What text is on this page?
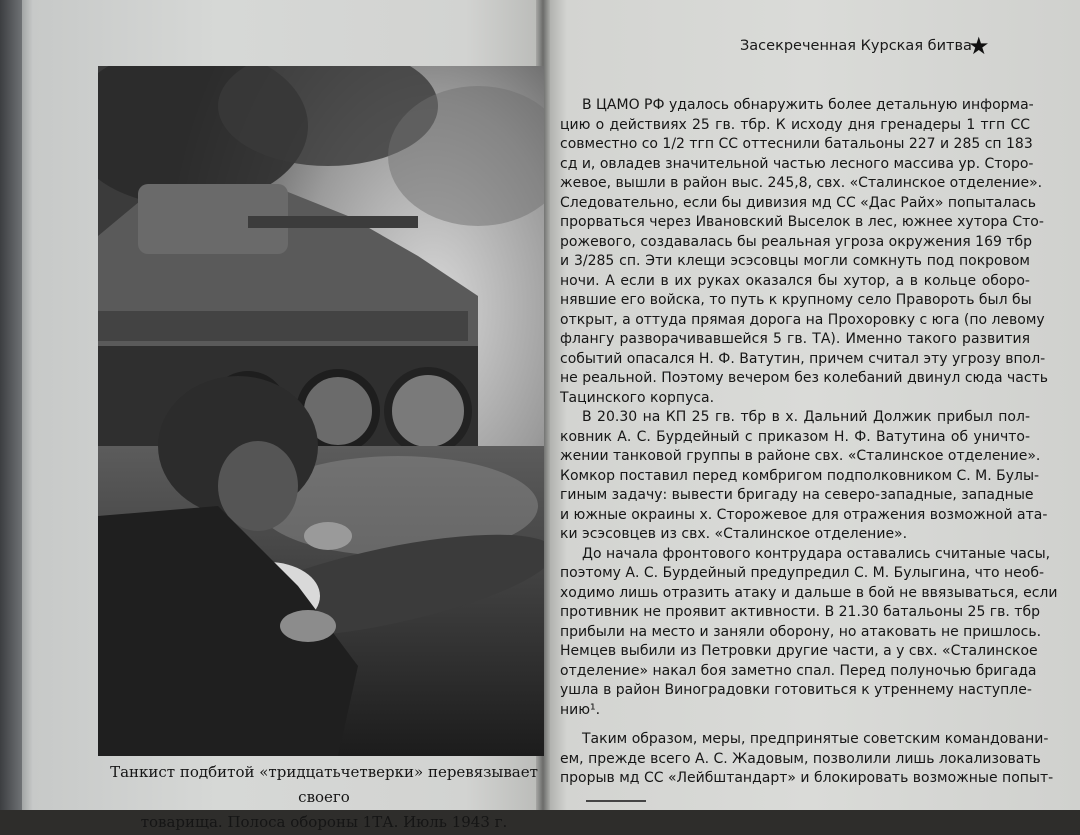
Танкист подбитой «тридцатьчетверки» перевязывает своего
товарища. Полоса обороны 1ТА. Июль 1943 г.
Засекреченная Курская битва
★
В ЦАМО РФ удалось обнаружить более детальную информа-
цию о действиях 25 гв. тбр. К исходу дня гренадеры 1 тгп СС
совместно со 1/2 тгп СС оттеснили батальоны 227 и 285 сп 183
сд и, овладев значительной частью лесного массива ур. Сторо-
жевое, вышли в район выс. 245,8, свх. «Сталинское отделение».
Следовательно, если бы дивизия мд СС «Дас Райх» попыталась
прорваться через Ивановский Выселок в лес, южнее хутора Сто-
рожевого, создавалась бы реальная угроза окружения 169 тбр
и 3/285 сп. Эти клещи эсэсовцы могли сомкнуть под покровом
ночи. А если в их руках оказался бы хутор, а в кольце оборо-
нявшие его войска, то путь к крупному село Правороть был бы
открыт, а оттуда прямая дорога на Прохоровку с юга (по левому
флангу разворачивавшейся 5 гв. ТА). Именно такого развития
событий опасался Н. Ф. Ватутин, причем считал эту угрозу впол-
не реальной. Поэтому вечером без колебаний двинул сюда часть
Тацинского корпуса.
В 20.30 на КП 25 гв. тбр в х. Дальний Должик прибыл пол-
ковник А. С. Бурдейный с приказом Н. Ф. Ватутина об уничто-
жении танковой группы в районе свх. «Сталинское отделение».
Комкор поставил перед комбригом подполковником С. М. Булы-
гиным задачу: вывести бригаду на северо-западные, западные
и южные окраины х. Сторожевое для отражения возможной ата-
ки эсэсовцев из свх. «Сталинское отделение».
До начала фронтового контрудара оставались считаные часы,
поэтому А. С. Бурдейный предупредил С. М. Булыгина, что необ-
ходимо лишь отразить атаку и дальше в бой не ввязываться, если
противник не проявит активности. В 21.30 батальоны 25 гв. тбр
прибыли на место и заняли оборону, но атаковать не пришлось.
Немцев выбили из Петровки другие части, а у свх. «Сталинское
отделение» накал боя заметно спал. Перед полуночью бригада
ушла в район Виноградовки готовиться к утреннему наступле-
нию¹.
Таким образом, меры, предпринятые советским командовани-
ем, прежде всего А. С. Жадовым, позволили лишь локализовать
прорыв мд СС «Лейбштандарт» и блокировать возможные попыт-
